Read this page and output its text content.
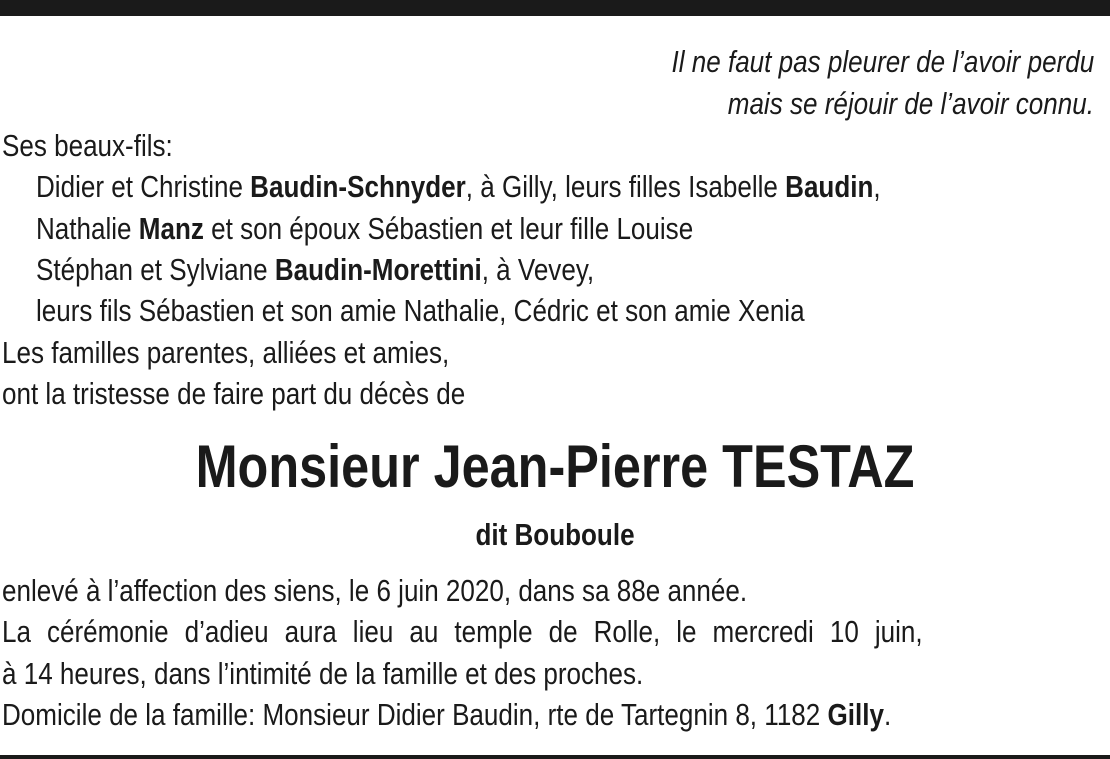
Il ne faut pas pleurer de l’avoir perdu
mais se réjouir de l’avoir connu.
Ses beaux-fils:
Didier et Christine Baudin-Schnyder, à Gilly, leurs filles Isabelle Baudin,
Nathalie Manz et son époux Sébastien et leur fille Louise
Stéphan et Sylviane Baudin-Morettini, à Vevey,
leurs fils Sébastien et son amie Nathalie, Cédric et son amie Xenia
Les familles parentes, alliées et amies,
ont la tristesse de faire part du décès de
Monsieur Jean-Pierre TESTAZ
dit Bouboule
enlevé à l’affection des siens, le 6 juin 2020, dans sa 88e année.
La cérémonie d’adieu aura lieu au temple de Rolle, le mercredi 10 juin,
à 14 heures, dans l’intimité de la famille et des proches.
Domicile de la famille: Monsieur Didier Baudin, rte de Tartegnin 8, 1182 Gilly.
